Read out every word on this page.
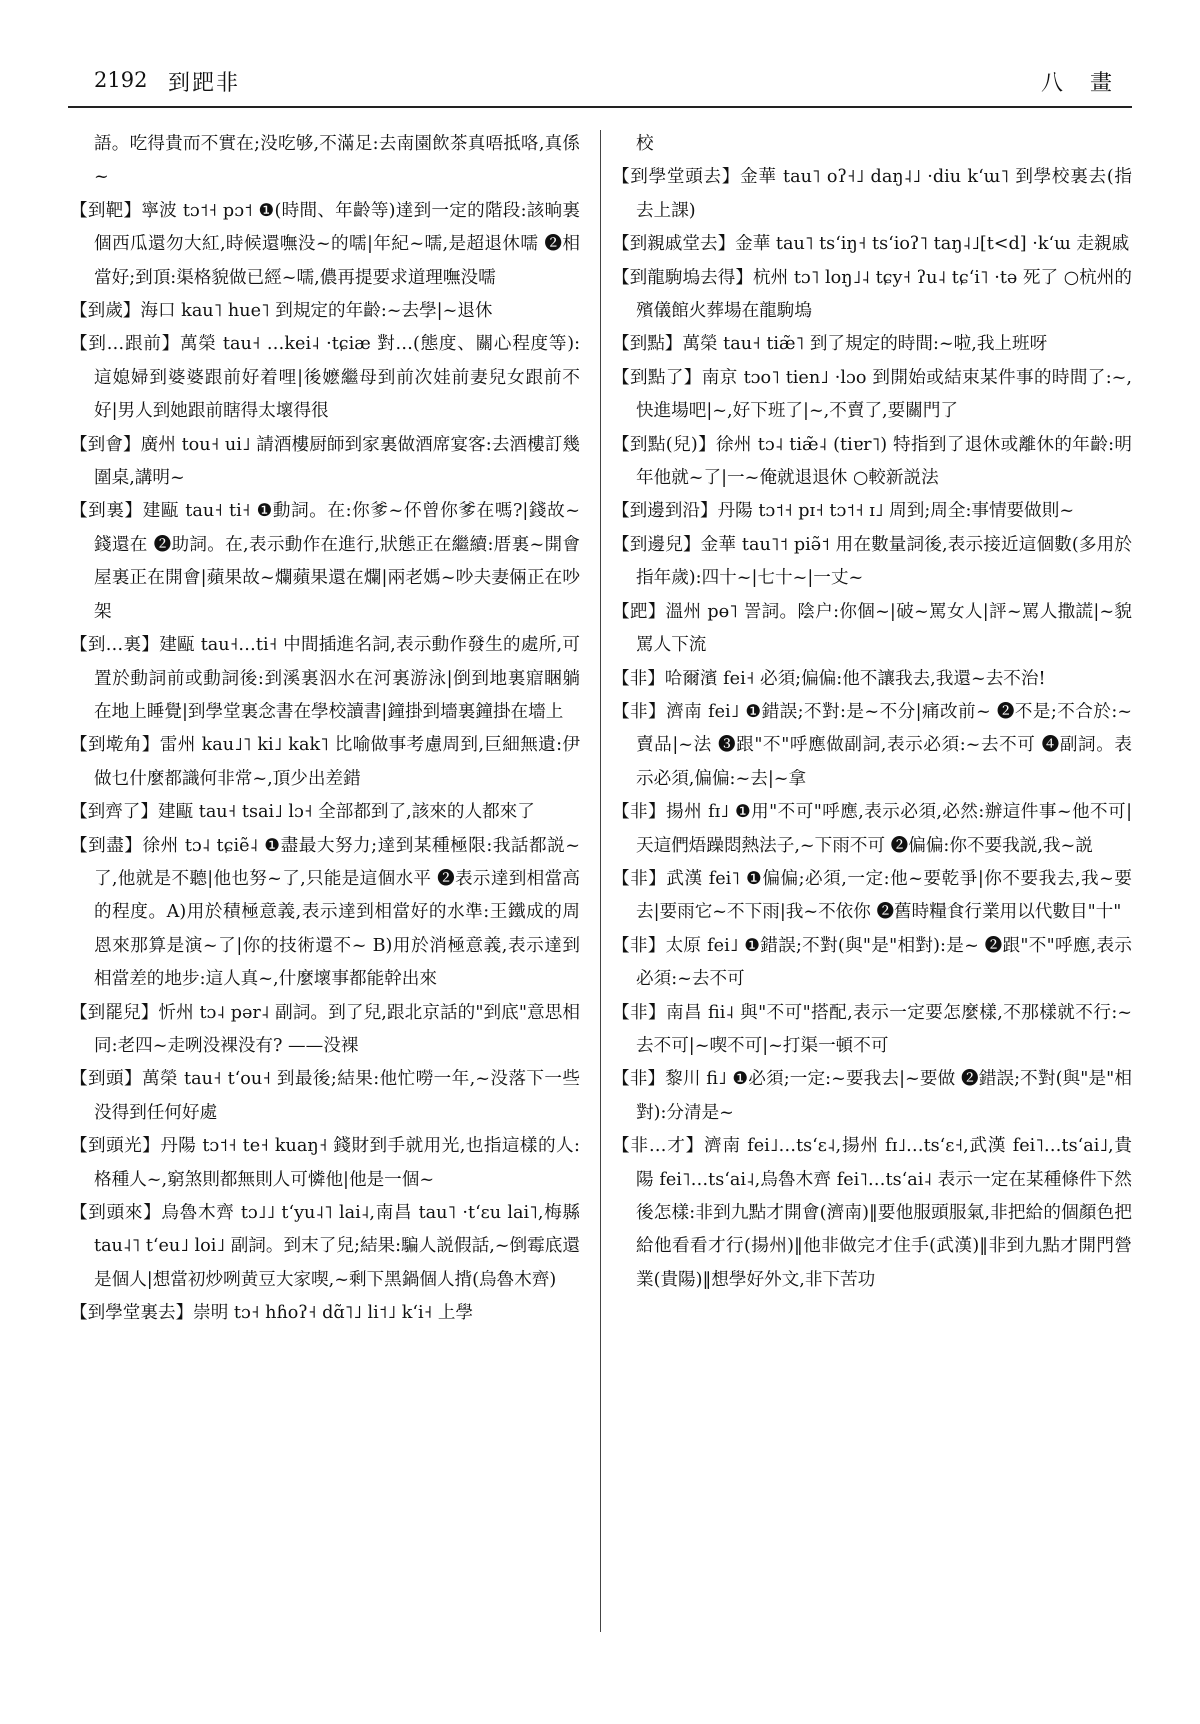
2192 到跁非	八 畫

語。吃得貴而不實在;没吃够,不滿足:去南園飲茶真唔抵咯,真係~

【到靶】寧波 tɔ˦˧ pɔ˦ ❶(時間、年齡等)達到一定的階段:該晌裏個西瓜還勿大紅,時候還嘸没~的嚅|年紀~嚅,是超退休嚅 ❷相當好;到頂:渠格貌做已經~嚅,儂再提要求道理嘸没嚅

【到歲】海口 kau˥ hue˥ 到規定的年齡:~去學|~退休

【到…跟前】萬榮 tau˧ …kei˨ ·tɕiæ 對…(態度、關心程度等):這媳婦到婆婆跟前好着哩|後嬷繼母到前次娃前妻兒女跟前不好|男人到她跟前瞎得太壞得很

【到會】廣州 tou˧ ui˩ 請酒樓厨師到家裏做酒席宴客:去酒樓訂幾圍桌,講明~

【到裏】建甌 tau˧ ti˧ ❶動詞。在:你爹~伓曾你爹在嗎?|錢故~錢還在 ❷助詞。在,表示動作在進行,狀態正在繼續:厝裏~開會屋裏正在開會|蘋果故~爛蘋果還在爛|兩老媽~吵夫妻倆正在吵架

【到…裏】建甌 tau˧…ti˧ 中間插進名詞,表示動作發生的處所,可置於動詞前或動詞後:到溪裏泅水在河裏游泳|倒到地裏寣睏躺在地上睡覺|到學堂裏念書在學校讀書|鐘掛到墻裏鐘掛在墻上

【到墘角】雷州 kau˩˥ ki˩ kak˥ 比喻做事考慮周到,巨細無遺:伊做乜什麼都識何非常~,頂少出差錯

【到齊了】建甌 tau˧ tsai˩ lɔ˧ 全部都到了,該來的人都來了

【到盡】徐州 tɔ˨ tɕiẽ˨ ❶盡最大努力;達到某種極限:我話都説~了,他就是不聽|他也努~了,只能是這個水平 ❷表示達到相當高的程度。A)用於積極意義,表示達到相當好的水準:王鐵成的周恩來那算是演~了|你的技術還不~ B)用於消極意義,表示達到相當差的地步:這人真~,什麼壞事都能幹出來

【到罷兒】忻州 tɔ˨ pər˨ 副詞。到了兒,跟北京話的"到底"意思相同:老四~走咧没裸没有? ——没裸

【到頭】萬榮 tau˧ tʻou˧ 到最後;結果:他忙嘮一年,~没落下一些没得到任何好處

【到頭光】丹陽 tɔ˦˧ te˧ kuaŋ˧ 錢財到手就用光,也指這樣的人:格種人~,窮煞則都無則人可憐他|他是一個~

【到頭來】烏魯木齊 tɔ˩˩ tʻyu˨˥ lai˨,南昌 tau˥ ·tʻɛu lai˥,梅縣 tau˨˥ tʻeu˩ loi˩ 副詞。到末了兒;結果:騙人説假話,~倒霉底還是個人|想當初炒咧黄豆大家喫,~剩下黑鍋個人揹(烏魯木齊)

【到學堂裏去】崇明 tɔ˧ hɦoʔ˧ dɑ̃˥˩ li˦˩ kʻi˧ 上學

校

【到學堂頭去】金華 tau˥ oʔ˧˩ daŋ˨˩ ·diu kʻɯ˥ 到學校裏去(指去上課)

【到親戚堂去】金華 tau˥ tsʻiŋ˧ tsʻioʔ˥ taŋ˨˩[t<d] ·kʻɯ 走親戚

【到龍駒塢去得】杭州 tɔ˥ loŋ˩˨ tɕy˧ ʔu˨ tɕʻi˥ ·tə 死了 ○杭州的殯儀館火葬場在龍駒塢

【到點】萬榮 tau˧ tiæ̃˥ 到了規定的時間:~啦,我上班呀

【到點了】南京 tɔo˥ tien˩ ·lɔo 到開始或結束某件事的時間了:~,快進場吧|~,好下班了|~,不賣了,要關門了

【到點(兒)】徐州 tɔ˨ tiæ̃˨ (tiɐr˥) 特指到了退休或離休的年齡:明年他就~了|一~俺就退退休 ○較新説法

【到邊到沿】丹陽 tɔ˦˧ pɪ˧ tɔ˦˧ ɪ˩ 周到;周全:事情要做則~

【到邊兒】金華 tau˥˦ piə̃˦ 用在數量詞後,表示接近這個數(多用於指年歲):四十~|七十~|一丈~

【跁】溫州 pɵ˥ 詈詞。陰户:你個~|破~罵女人|評~罵人撒謊|~貌罵人下流

【非】哈爾濱 fei˧ 必須;偏偏:他不讓我去,我還~去不治!

【非】濟南 fei˩ ❶錯誤;不對:是~不分|痛改前~ ❷不是;不合於:~賣品|~法 ❸跟"不"呼應做副詞,表示必須:~去不可 ❹副詞。表示必須,偏偏:~去|~拿

【非】揚州 fɪ˩ ❶用"不可"呼應,表示必須,必然:辦這件事~他不可|天這們焐躁悶熱法子,~下雨不可 ❷偏偏:你不要我説,我~説

【非】武漢 fei˥ ❶偏偏;必須,一定:他~要乾爭|你不要我去,我~要去|要雨它~不下雨|我~不依你 ❷舊時糧食行業用以代數目"十"

【非】太原 fei˩ ❶錯誤;不對(與"是"相對):是~ ❷跟"不"呼應,表示必須:~去不可

【非】南昌 fii˨ 與"不可"搭配,表示一定要怎麼樣,不那樣就不行:~去不可|~喫不可|~打渠一頓不可

【非】黎川 fi˩ ❶必須;一定:~要我去|~要做 ❷錯誤;不對(與"是"相對):分清是~

【非…才】濟南 fei˩…tsʻɛ˨,揚州 fɪ˩…tsʻɛ˧,武漢 fei˥…tsʻai˩,貴陽 fei˥…tsʻai˨,烏魯木齊 fei˥…tsʻai˨ 表示一定在某種條件下然後怎樣:非到九點才開會(濟南)‖要他服頭服氣,非把給的個顏色把給他看看才行(揚州)‖他非做完才住手(武漢)‖非到九點才開門營業(貴陽)‖想學好外文,非下苦功
